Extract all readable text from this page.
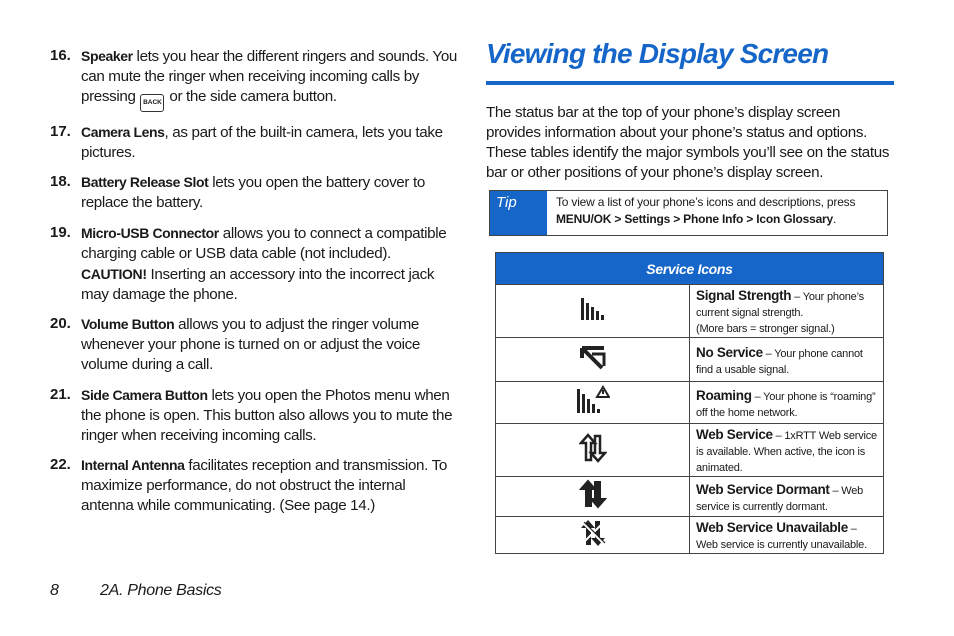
16. Speaker lets you hear the different ringers and sounds. You can mute the ringer when receiving incoming calls by pressing BACK or the side camera button.
17. Camera Lens, as part of the built-in camera, lets you take pictures.
18. Battery Release Slot lets you open the battery cover to replace the battery.
19. Micro-USB Connector allows you to connect a compatible charging cable or USB data cable (not included). CAUTION! Inserting an accessory into the incorrect jack may damage the phone.
20. Volume Button allows you to adjust the ringer volume whenever your phone is turned on or adjust the voice volume during a call.
21. Side Camera Button lets you open the Photos menu when the phone is open. This button also allows you to mute the ringer when receiving incoming calls.
22. Internal Antenna facilitates reception and transmission. To maximize performance, do not obstruct the internal antenna while communicating. (See page 14.)
Viewing the Display Screen

The status bar at the top of your phone’s display screen provides information about your phone’s status and options. These tables identify the major symbols you’ll see on the status bar or other positions of your phone’s display screen.

Tip	To view a list of your phone’s icons and descriptions, press MENU/OK > Settings > Phone Info > Icon Glossary.
Service Icons	
	Signal Strength – Your phone’s current signal strength.
(More bars = stronger signal.)
	No Service – Your phone cannot find a usable signal.
	Roaming – Your phone is “roaming” off the home network.
	Web Service – 1xRTT Web service is available. When active, the icon is animated.
	Web Service Dormant – Web service is currently dormant.
	Web Service Unavailable – Web service is currently unavailable.
8	2A. Phone Basics
